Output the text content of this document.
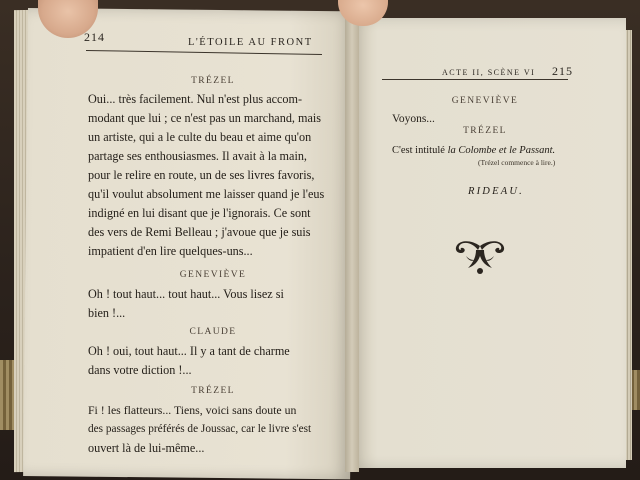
214	L'ÉTOILE AU FRONT
TRÉZEL
Oui... très facilement. Nul n'est plus accom-
modant que lui ; ce n'est pas un marchand, mais
un artiste, qui a le culte du beau et aime qu'on
partage ses enthousiasmes. Il avait à la main,
pour le relire en route, un de ses livres favoris,
qu'il voulut absolument me laisser quand je l'eus
indigné en lui disant que je l'ignorais. Ce sont
des vers de Remi Belleau ; j'avoue que je suis
impatient d'en lire quelques-uns...
GENEVIÈVE
Oh ! tout haut... tout haut... Vous lisez si
bien !...
CLAUDE
Oh ! oui, tout haut... Il y a tant de charme
dans votre diction !...
TRÉZEL
Fi ! les flatteurs... Tiens, voici sans doute un
des passages préférés de Joussac, car le livre s'est
ouvert là de lui-même...
ACTE II, SCÈNE VI 215
GENEVIÈVE
Voyons...
TRÉZEL
C'est intitulé la Colombe et le Passant.
(Trézel commence à lire.)
RIDEAU.
